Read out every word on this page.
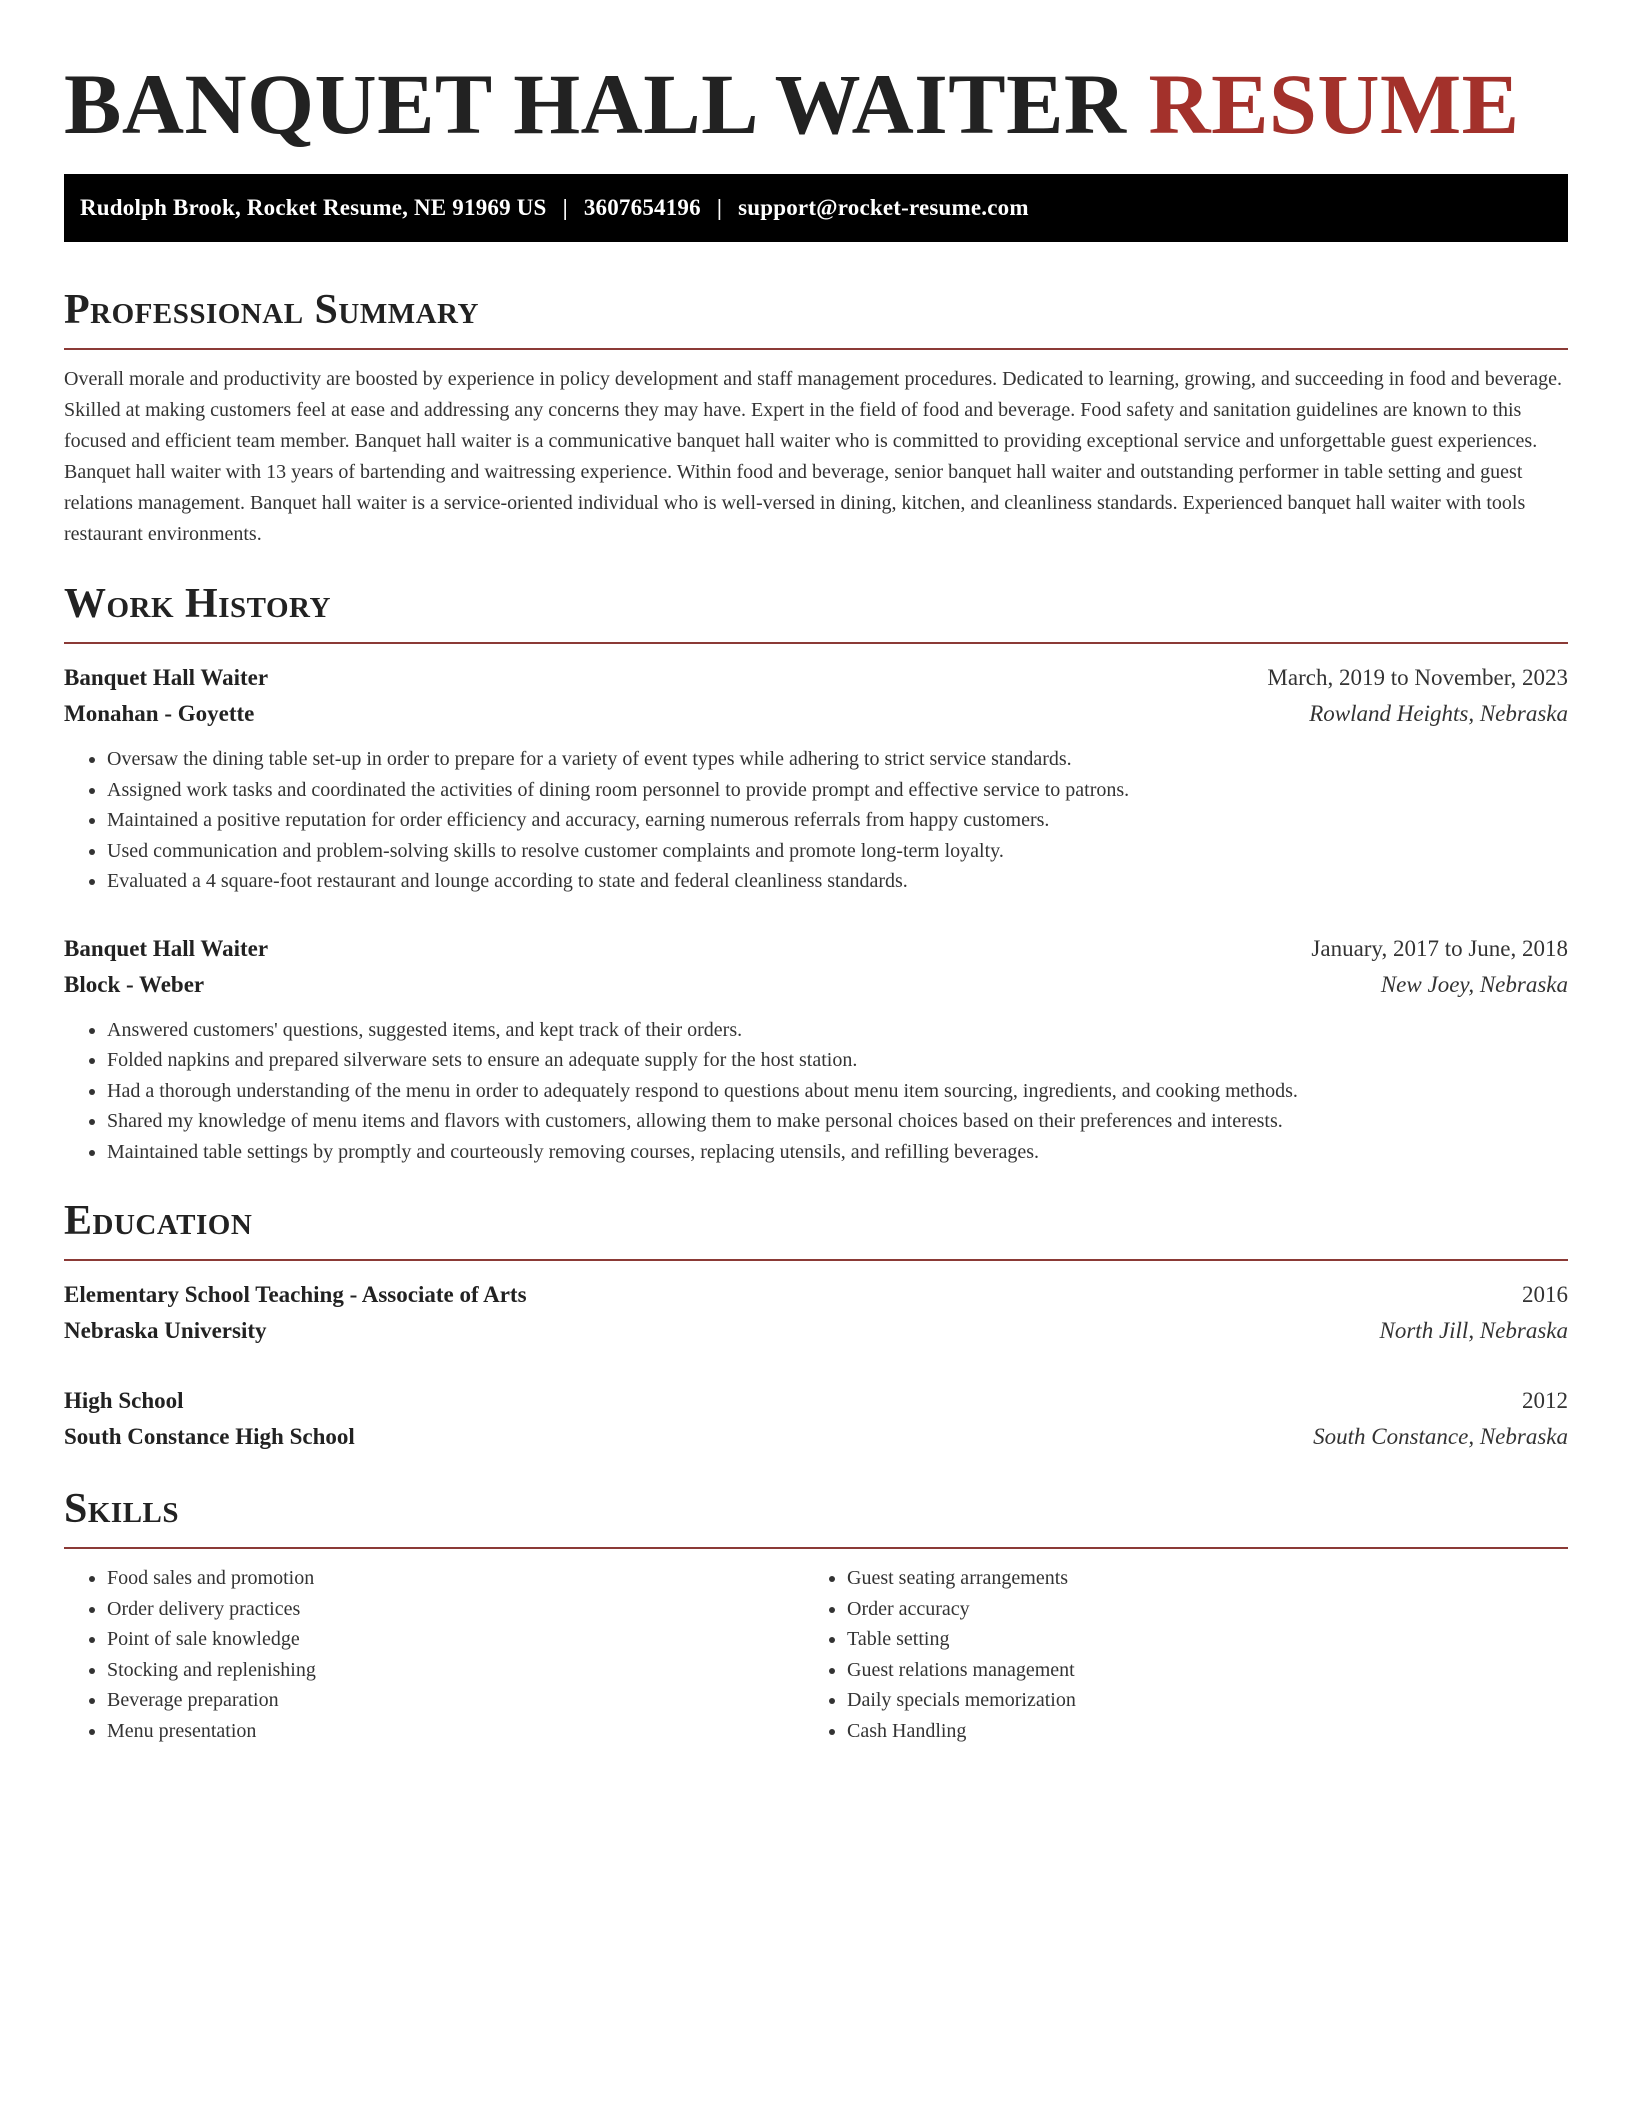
BANQUET HALL WAITER RESUME
Rudolph Brook, Rocket Resume, NE 91969 US | 3607654196 | support@rocket-resume.com
Professional Summary

Overall morale and productivity are boosted by experience in policy development and staff management procedures. Dedicated to learning, growing, and succeeding in food and beverage. Skilled at making customers feel at ease and addressing any concerns they may have. Expert in the field of food and beverage. Food safety and sanitation guidelines are known to this focused and efficient team member. Banquet hall waiter is a communicative banquet hall waiter who is committed to providing exceptional service and unforgettable guest experiences. Banquet hall waiter with 13 years of bartending and waitressing experience. Within food and beverage, senior banquet hall waiter and outstanding performer in table setting and guest relations management. Banquet hall waiter is a service-oriented individual who is well-versed in dining, kitchen, and cleanliness standards. Experienced banquet hall waiter with tools restaurant environments.

Work History
Banquet Hall Waiter	March, 2019 to November, 2023
Monahan - Goyette	Rowland Heights, Nebraska
• Oversaw the dining table set-up in order to prepare for a variety of event types while adhering to strict service standards.
• Assigned work tasks and coordinated the activities of dining room personnel to provide prompt and effective service to patrons.
• Maintained a positive reputation for order efficiency and accuracy, earning numerous referrals from happy customers.
• Used communication and problem-solving skills to resolve customer complaints and promote long-term loyalty.
• Evaluated a 4 square-foot restaurant and lounge according to state and federal cleanliness standards.
Banquet Hall Waiter	January, 2017 to June, 2018
Block - Weber	New Joey, Nebraska
• Answered customers' questions, suggested items, and kept track of their orders.
• Folded napkins and prepared silverware sets to ensure an adequate supply for the host station.
• Had a thorough understanding of the menu in order to adequately respond to questions about menu item sourcing, ingredients, and cooking methods.
• Shared my knowledge of menu items and flavors with customers, allowing them to make personal choices based on their preferences and interests.
• Maintained table settings by promptly and courteously removing courses, replacing utensils, and refilling beverages.
Education
Elementary School Teaching - Associate of Arts	2016
Nebraska University	North Jill, Nebraska
High School	2012
South Constance High School	South Constance, Nebraska
Skills
• Food sales and promotion
• Order delivery practices
• Point of sale knowledge
• Stocking and replenishing
• Beverage preparation
• Menu presentation
• Guest seating arrangements
• Order accuracy
• Table setting
• Guest relations management
• Daily specials memorization
• Cash Handling
